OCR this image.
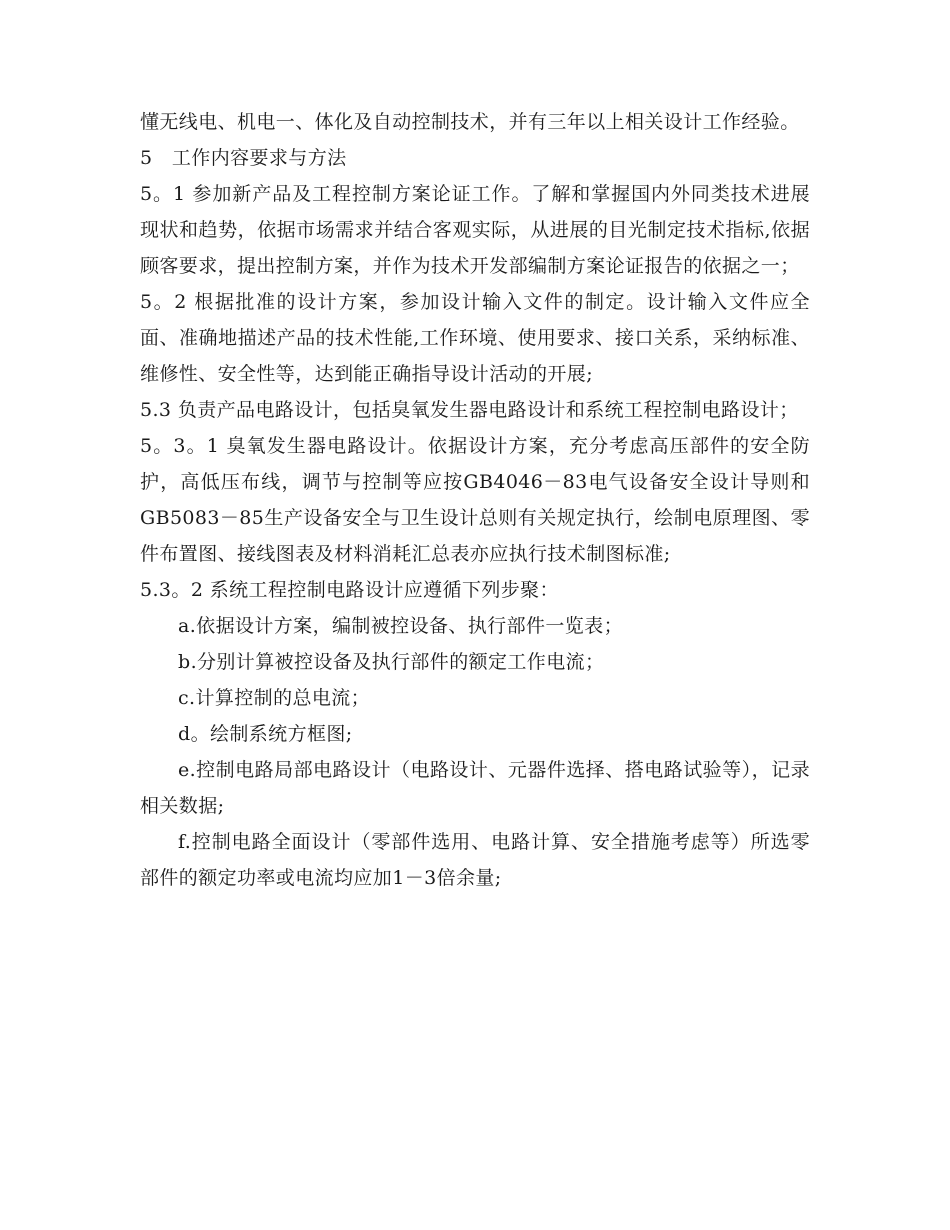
懂无线电、机电一、体化及自动控制技术，并有三年以上相关设计工作经验。

5　工作内容要求与方法

5。1 参加新产品及工程控制方案论证工作。了解和掌握国内外同类技术进展现状和趋势，依据市场需求并结合客观实际，从进展的目光制定技术指标,依据顾客要求，提出控制方案，并作为技术开发部编制方案论证报告的依据之一；

5。2 根据批准的设计方案，参加设计输入文件的制定。设计输入文件应全面、准确地描述产品的技术性能,工作环境、使用要求、接口关系，采纳标准、维修性、安全性等，达到能正确指导设计活动的开展;

5.3 负责产品电路设计，包括臭氧发生器电路设计和系统工程控制电路设计；

5。3。1 臭氧发生器电路设计。依据设计方案，充分考虑高压部件的安全防护，高低压布线，调节与控制等应按GB4046－83电气设备安全设计导则和GB5083－85生产设备安全与卫生设计总则有关规定执行，绘制电原理图、零件布置图、接线图表及材料消耗汇总表亦应执行技术制图标准;

5.3。2 系统工程控制电路设计应遵循下列步聚：

a.依据设计方案，编制被控设备、执行部件一览表；

b.分别计算被控设备及执行部件的额定工作电流；

c.计算控制的总电流；

d。绘制系统方框图;

e.控制电路局部电路设计（电路设计、元器件选择、搭电路试验等），记录相关数据;

f.控制电路全面设计（零部件选用、电路计算、安全措施考虑等）所选零部件的额定功率或电流均应加1－3倍余量;
